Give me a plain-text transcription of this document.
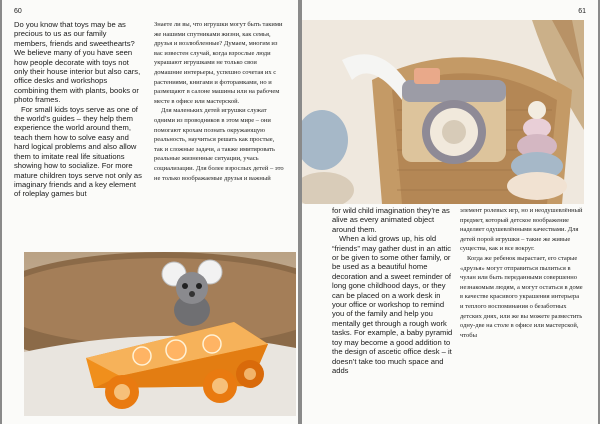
60

Do you know that toys may be as precious to us as our family members, friends and sweethearts? We believe many of you have seen how people decorate with toys not only their house interior but also cars, office desks and workshops combining them with plants, books or photo frames.

For small kids toys serve as one of the world’s guides – they help them experience the world around them, teach them how to solve easy and hard logical problems and also allow them to imitate real life situations showing how to socialize. For more mature children toys serve not only as imaginary friends and a key element of roleplay games but

Знаете ли вы, что игрушки могут быть такими же нашими спутниками жизни, как семья, друзья и возлюбленные? Думаем, многим из вас известен случай, когда взрослые люди украшают игрушками не только свои домашние интерьеры, успешно сочетая их с растениями, книгами и фоторамками, но и размещают в салоне машины или на рабочем месте в офисе или мастерской.

Для маленьких детей игрушки служат одними из проводников в этом мире – они помогают крохам познать окружающую реальность, научиться решать как простые, так и сложные задачи, а также имитировать реальные жизненные ситуации, учась социализации. Для более взрослых детей – это не только воображаемые друзья и важный

61

for wild child imagination they’re as alive as every animated object around them.

When a kid grows up, his old “friends” may gather dust in an attic or be given to some other family, or be used as a beautiful home decoration and a sweet reminder of long gone childhood days, or they can be placed on a work desk in your office or workshop to remind you of the family and help you mentally get through a rough work tasks. For example, a baby pyramid toy may become a good addition to the design of ascetic office desk – it doesn’t take too much space and adds

элемент ролевых игр, но и неодушевлённый предмет, который детское воображение наделяет одушевлёнными качествами. Для детей порой игрушки – такие же живые существа, как и все вокруг.

Когда же ребенок вырастает, его старые «друзья» могут отправиться пылиться в чулан или быть переданными совершенно незнакомым людям, а могут остаться в доме в качестве красивого украшения интерьера и теплого воспоминания о безаботных детских днях, или же вы можете разместить одну-две на столе в офисе или мастерской, чтобы
